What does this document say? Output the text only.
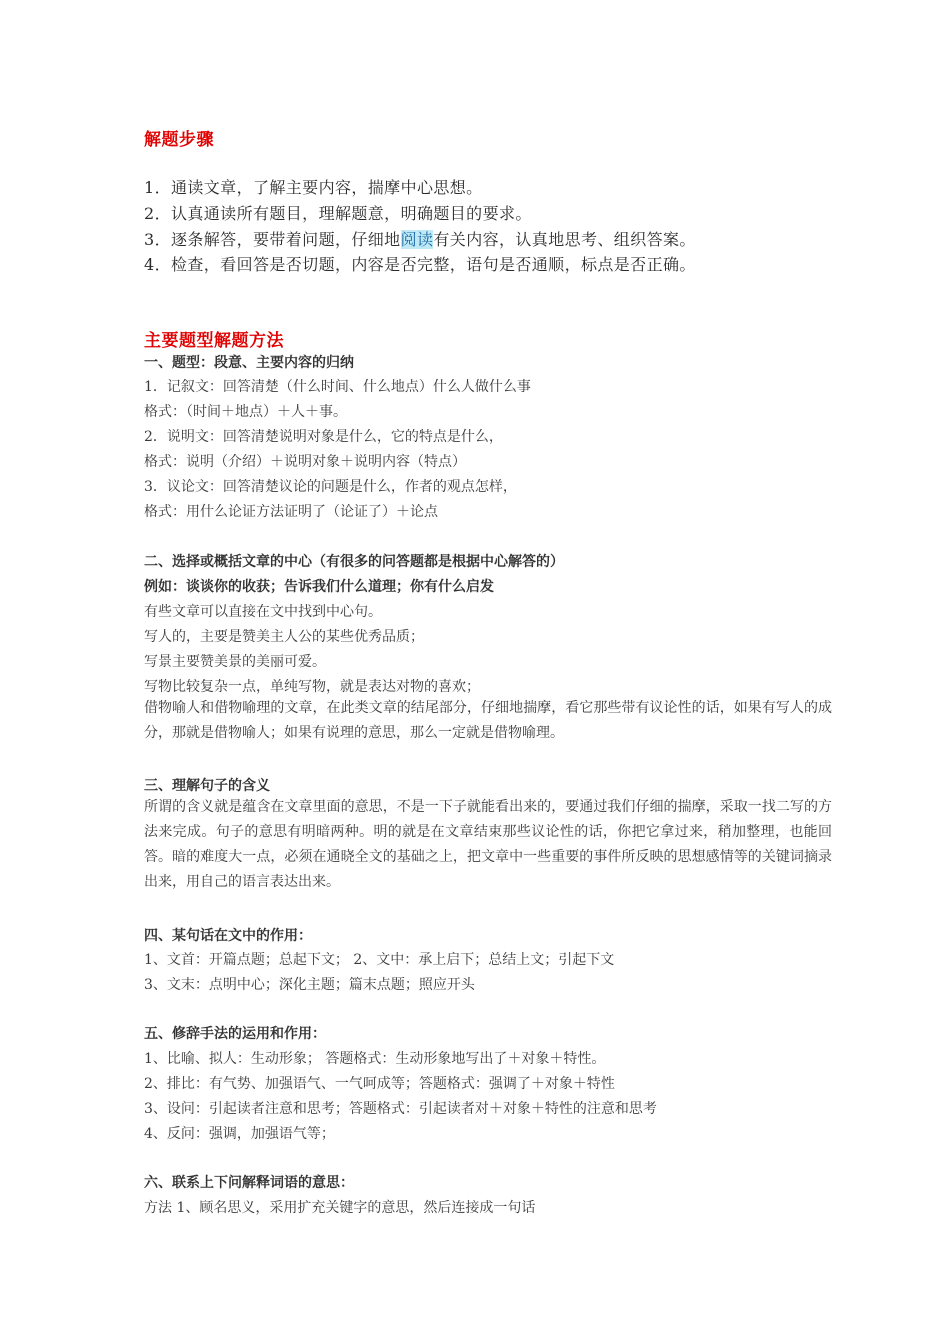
解题步骤
1．通读文章，了解主要内容，揣摩中心思想。
2．认真通读所有题目，理解题意，明确题目的要求。
3．逐条解答，要带着问题，仔细地阅读有关内容，认真地思考、组织答案。
4．检查，看回答是否切题，内容是否完整，语句是否通顺，标点是否正确。
主要题型解题方法
一、题型：段意、主要内容的归纳
1．记叙文：回答清楚（什么时间、什么地点）什么人做什么事
格式：（时间＋地点）＋人＋事。
2．说明文：回答清楚说明对象是什么，它的特点是什么，
格式：说明（介绍）＋说明对象＋说明内容（特点）
3．议论文：回答清楚议论的问题是什么，作者的观点怎样，
格式：用什么论证方法证明了（论证了）＋论点
二、选择或概括文章的中心（有很多的问答题都是根据中心解答的）
例如：谈谈你的收获；告诉我们什么道理；你有什么启发
有些文章可以直接在文中找到中心句。
写人的，主要是赞美主人公的某些优秀品质；
写景主要赞美景的美丽可爱。
写物比较复杂一点，单纯写物，就是表达对物的喜欢；
借物喻人和借物喻理的文章，在此类文章的结尾部分，仔细地揣摩，看它那些带有议论性的话，如果有写人的成分，那就是借物喻人；如果有说理的意思，那么一定就是借物喻理。
三、理解句子的含义
所谓的含义就是蕴含在文章里面的意思，不是一下子就能看出来的，要通过我们仔细的揣摩，采取一找二写的方法来完成。句子的意思有明暗两种。明的就是在文章结束那些议论性的话，你把它拿过来，稍加整理，也能回答。暗的难度大一点，必须在通晓全文的基础之上，把文章中一些重要的事件所反映的思想感情等的关键词摘录出来，用自己的语言表达出来。
四、某句话在文中的作用：
1、文首：开篇点题；总起下文； 2、文中：承上启下；总结上文；引起下文
3、文末：点明中心；深化主题；篇末点题；照应开头
五、修辞手法的运用和作用：
1、比喻、拟人：生动形象； 答题格式：生动形象地写出了＋对象＋特性。
2、排比：有气势、加强语气、一气呵成等；答题格式：强调了＋对象＋特性
3、设问：引起读者注意和思考；答题格式：引起读者对＋对象＋特性的注意和思考
4、反问：强调，加强语气等；
六、联系上下问解释词语的意思：
方法 1、顾名思义，采用扩充关键字的意思，然后连接成一句话
